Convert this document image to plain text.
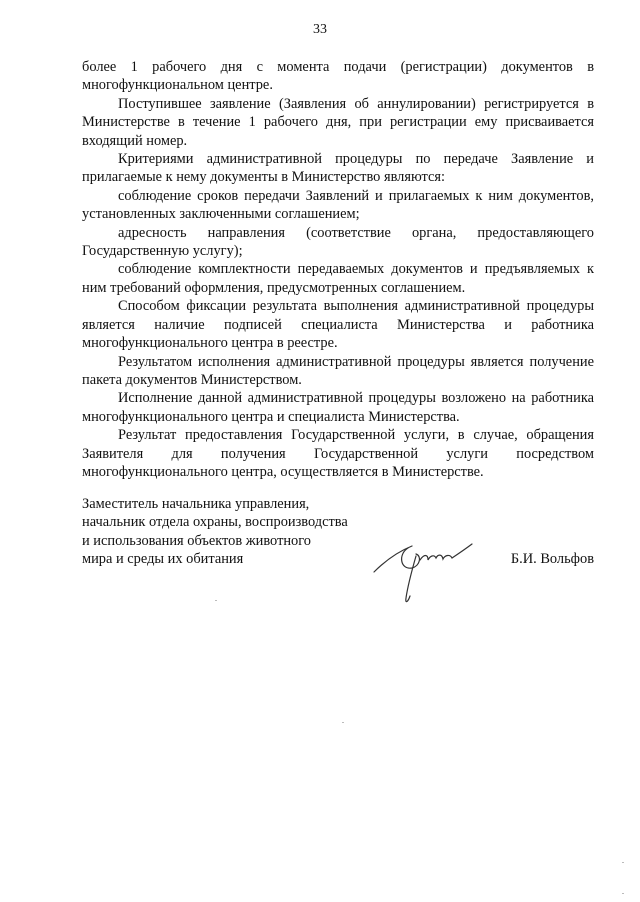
33

более 1 рабочего дня с момента подачи (регистрации) документов в многофункциональном центре.

Поступившее заявление (Заявления об аннулировании) регистрируется в Министерстве в течение 1 рабочего дня, при регистрации ему присваивается входящий номер.

Критериями административной процедуры по передаче Заявление и прилагаемые к нему документы в Министерство являются:

соблюдение сроков передачи Заявлений и прилагаемых к ним документов, установленных заключенными соглашением;

адресность направления (соответствие органа, предоставляющего Государственную услугу);

соблюдение комплектности передаваемых документов и предъявляемых к ним требований оформления, предусмотренных соглашением.

Способом фиксации результата выполнения административной процедуры является наличие подписей специалиста Министерства и работника многофункционального центра в реестре.

Результатом исполнения административной процедуры является получение пакета документов Министерством.

Исполнение данной административной процедуры возложено на работника многофункционального центра и специалиста Министерства.

Результат предоставления Государственной услуги, в случае, обращения Заявителя для получения Государственной услуги посредством многофункционального центра, осуществляется в Министерстве.

Заместитель начальника управления,
начальник отдела охраны, воспроизводства
и использования объектов животного
мира и среды их обитания	Б.И. Вольфов
